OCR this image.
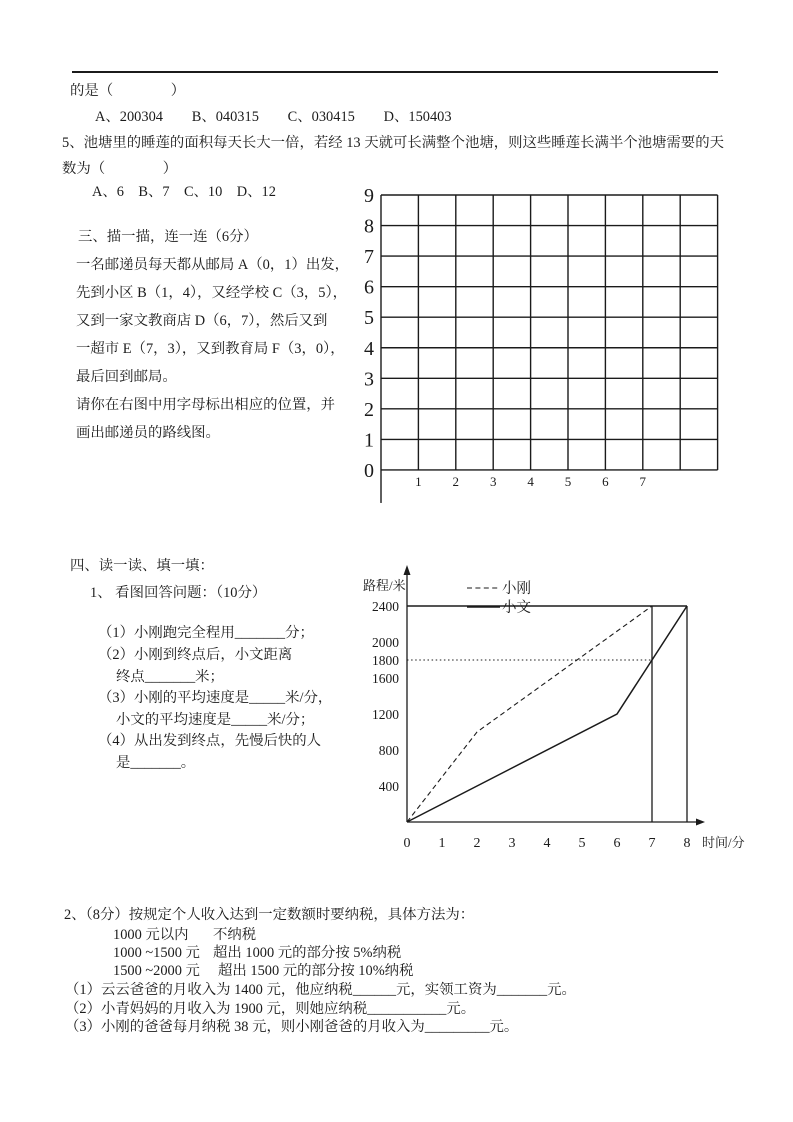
的是（　　　　）
A、200304　　B、040315　　C、030415　　D、150403
5、池塘里的睡莲的面积每天长大一倍，若经 13 天就可长满整个池塘，则这些睡莲长满半个池塘需要的天
数为（　　　　）
A、6　B、7　C、10　D、12
三、描一描，连一连（6分）
一名邮递员每天都从邮局 A（0，1）出发，
先到小区 B（1，4），又经学校 C（3，5），
又到一家文教商店 D（6，7），然后又到
一超市 E（7，3），又到教育局 F（3，0），
最后回到邮局。
请你在右图中用字母标出相应的位置，并
画出邮递员的路线图。
9
8
7
6
5
4
3
2
1
0	1 2 3 4 5 6 7
四、读一读、填一填：
1、 看图回答问题：（10分）
（1）小刚跑完全程用_______分；
（2）小刚到终点后，小文距离
终点_______米；
（3）小刚的平均速度是_____米/分，
小文的平均速度是_____米/分；
（4）从出发到终点，先慢后快的人
是_______。
0 1 2 3 4 5 6 7 8
400
800
1200
1600
1800
2000
2400
路程/米
时间/分
小刚
小文
2、（8分）按规定个人收入达到一定数额时要纳税，具体方法为：
1000 元以内 不纳税
1000 ~1500 元 超出 1000 元的部分按 5%纳税
1500 ~2000 元 超出 1500 元的部分按 10%纳税
（1）云云爸爸的月收入为 1400 元，他应纳税______元，实领工资为_______元。
（2）小青妈妈的月收入为 1900 元，则她应纳税___________元。
（3）小刚的爸爸每月纳税 38 元，则小刚爸爸的月收入为_________元。
